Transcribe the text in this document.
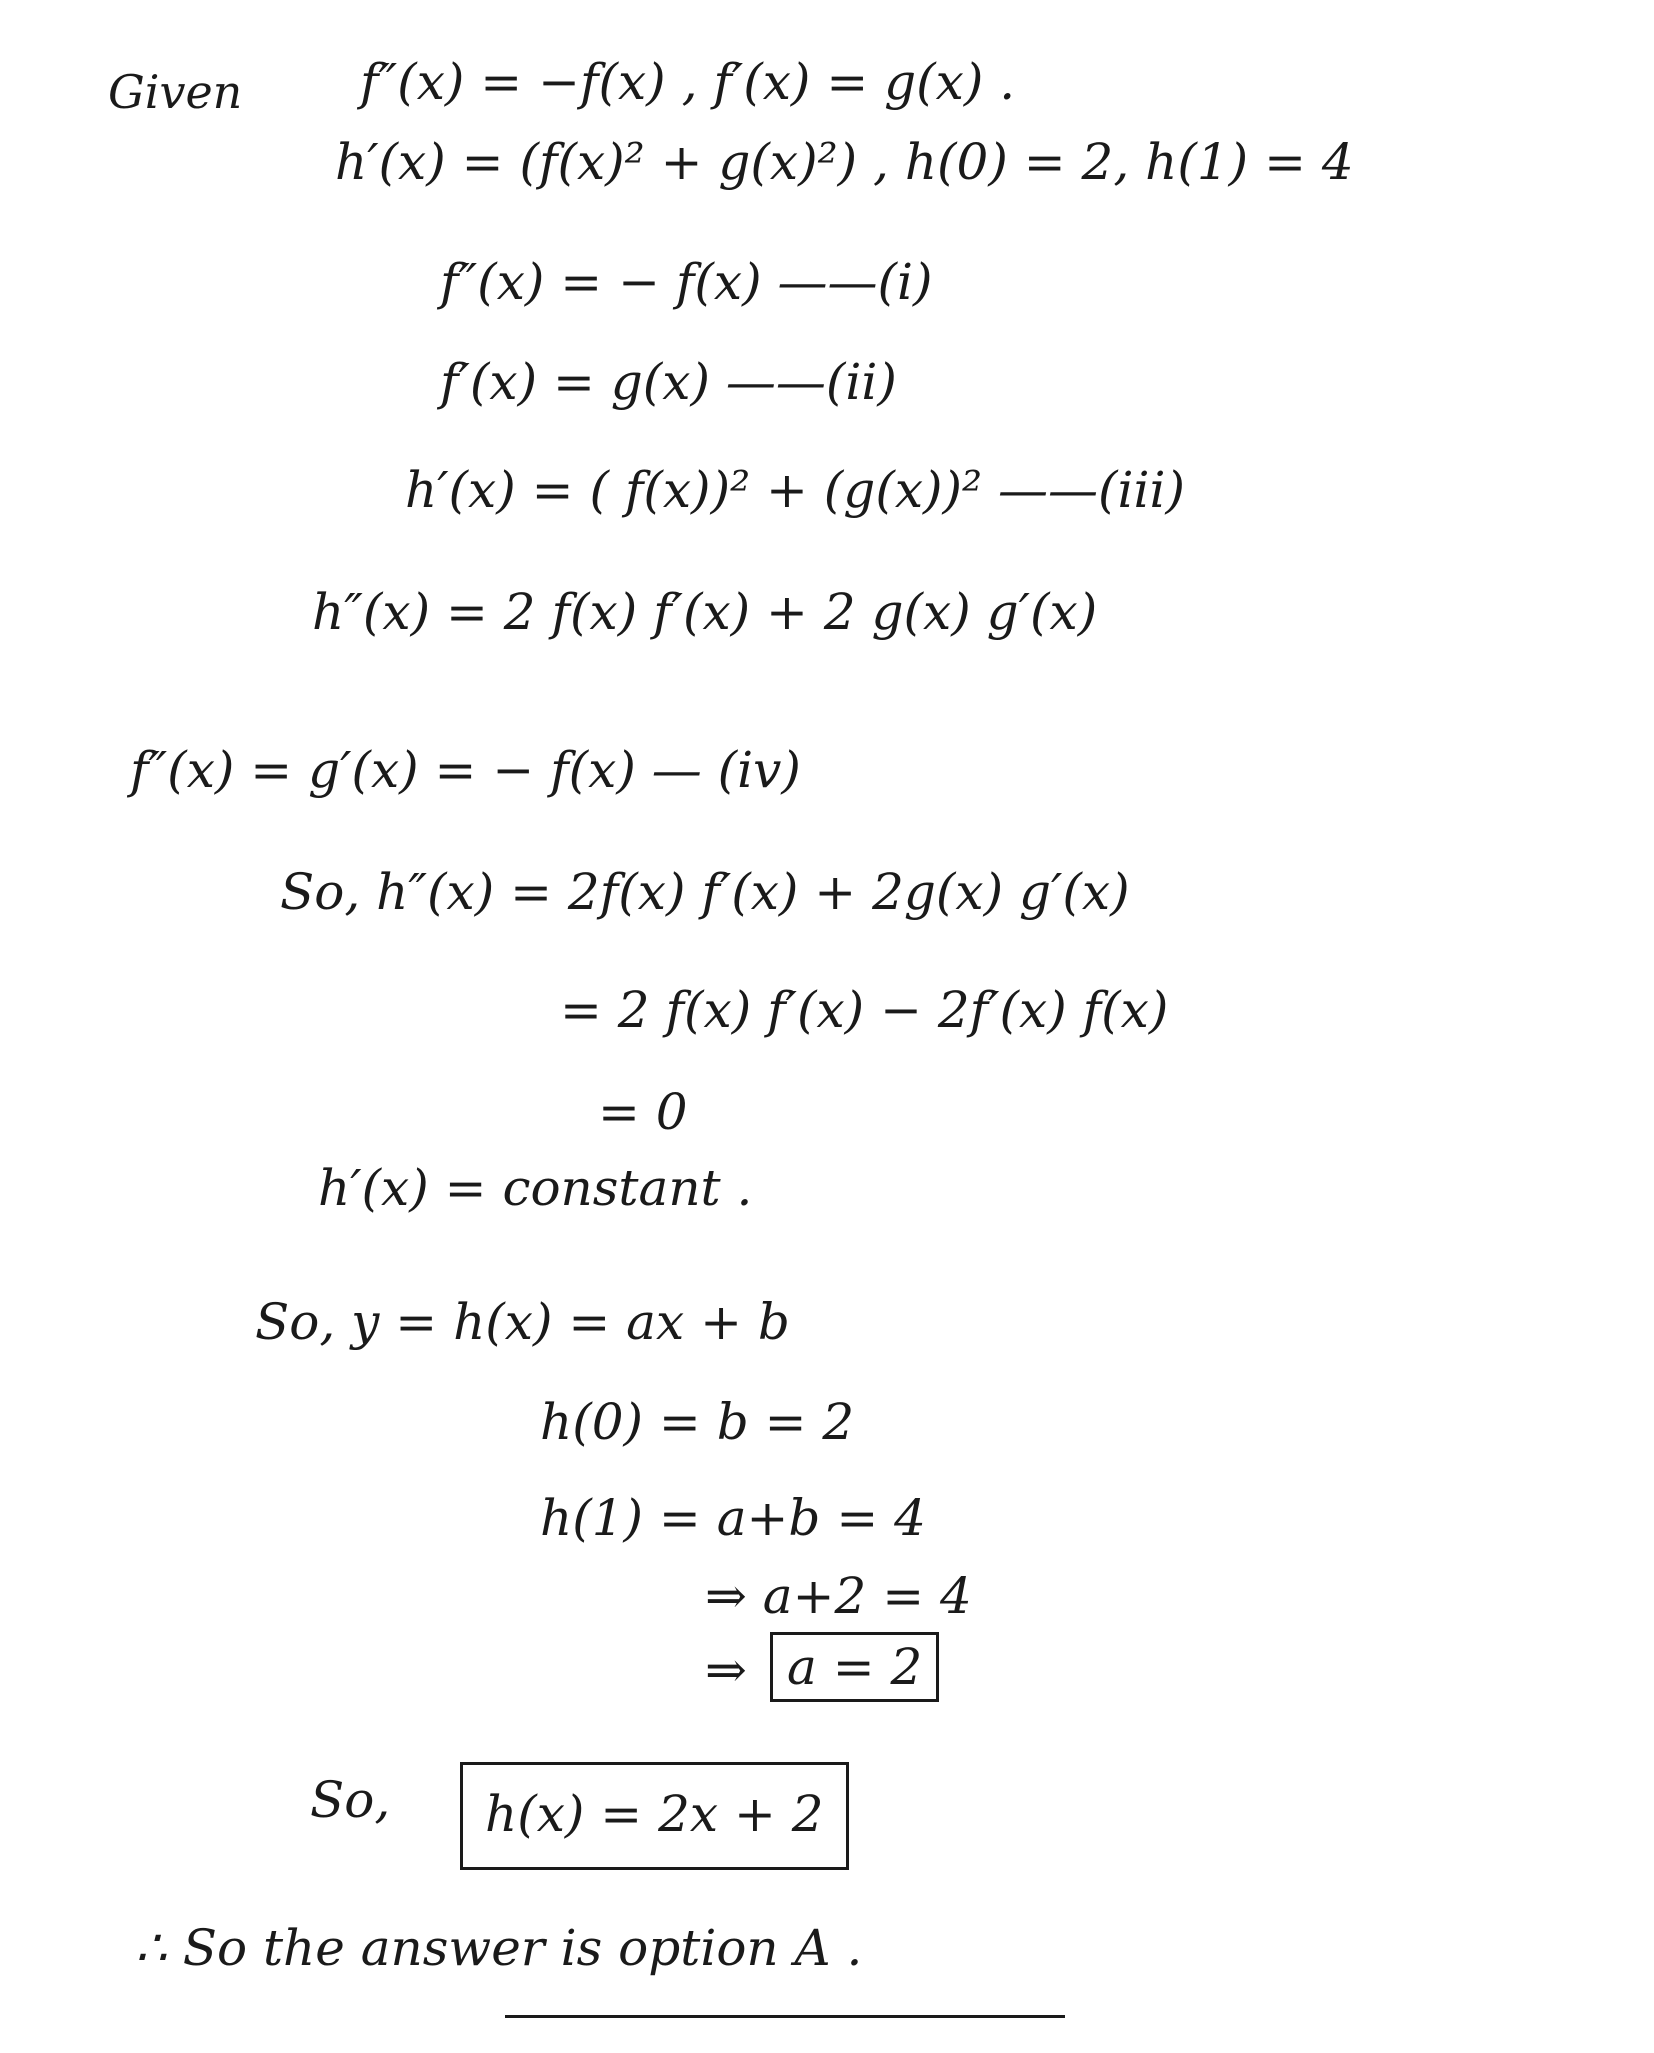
Given f″(x) = −f(x) , f′(x) = g(x) .
h′(x) = (f(x)² + g(x)²) , h(0) = 2, h(1) = 4
f″(x) = − f(x) ——(i)
f′(x) = g(x) ——(ii)
h′(x) = ( f(x))² + (g(x))² ——(iii)
h″(x) = 2 f(x) f′(x) + 2 g(x) g′(x)
f″(x) = g′(x) = − f(x) — (iv)
So, h″(x) = 2f(x) f′(x) + 2g(x) g′(x)
= 2 f(x) f′(x) − 2f′(x) f(x)
= 0
h′(x) = constant .
So, y = h(x) = ax + b
h(0) = b = 2
h(1) = a+b = 4
⇒ a+2 = 4
⇒ a = 2
So,	h(x) = 2x + 2
∴ So the answer is option A .
